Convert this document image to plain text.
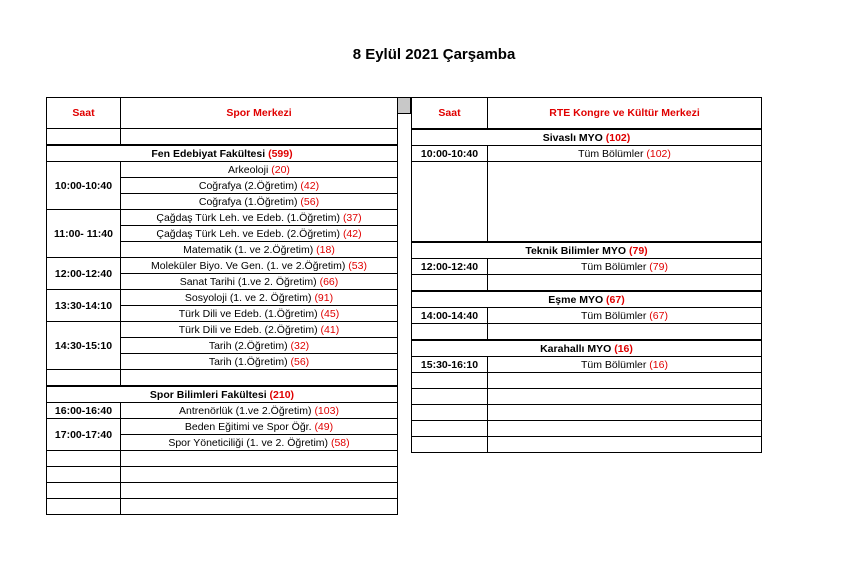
8 Eylül 2021 Çarşamba
Saat	Spor Merkezi

Fen Edebiyat Fakültesi (599)	
10:00-10:40	Arkeoloji (20)
	Coğrafya (2.Öğretim) (42)
	Coğrafya (1.Öğretim) (56)
11:00- 11:40	Çağdaş Türk Leh. ve Edeb. (1.Öğretim) (37)
	Çağdaş Türk Leh. ve Edeb. (2.Öğretim) (42)
	Matematik (1. ve 2.Öğretim) (18)
12:00-12:40	Moleküler Biyo. Ve Gen. (1. ve 2.Öğretim) (53)
	Sanat Tarihi (1.ve 2. Öğretim) (66)
13:30-14:10	Sosyoloji (1. ve 2. Öğretim) (91)
	Türk Dili ve Edeb. (1.Öğretim) (45)
14:30-15:10	Türk Dili ve Edeb. (2.Öğretim) (41)
	Tarih (2.Öğretim) (32)
	Tarih (1.Öğretim) (56)

Spor Bilimleri Fakültesi (210)	
16:00-16:40	Antrenörlük (1.ve 2.Öğretim) (103)
17:00-17:40	Beden Eğitimi ve Spor Öğr. (49)
	Spor Yöneticiliği (1. ve 2. Öğretim) (58)

Saat	RTE Kongre ve Kültür Merkezi
Sivaslı MYO (102)	
10:00-10:40	Tüm Bölümler (102)

Teknik Bilimler MYO (79)	
12:00-12:40	Tüm Bölümler (79)

Eşme MYO (67)	
14:00-14:40	Tüm Bölümler (67)

Karahallı MYO (16)	
15:30-16:10	Tüm Bölümler (16)
